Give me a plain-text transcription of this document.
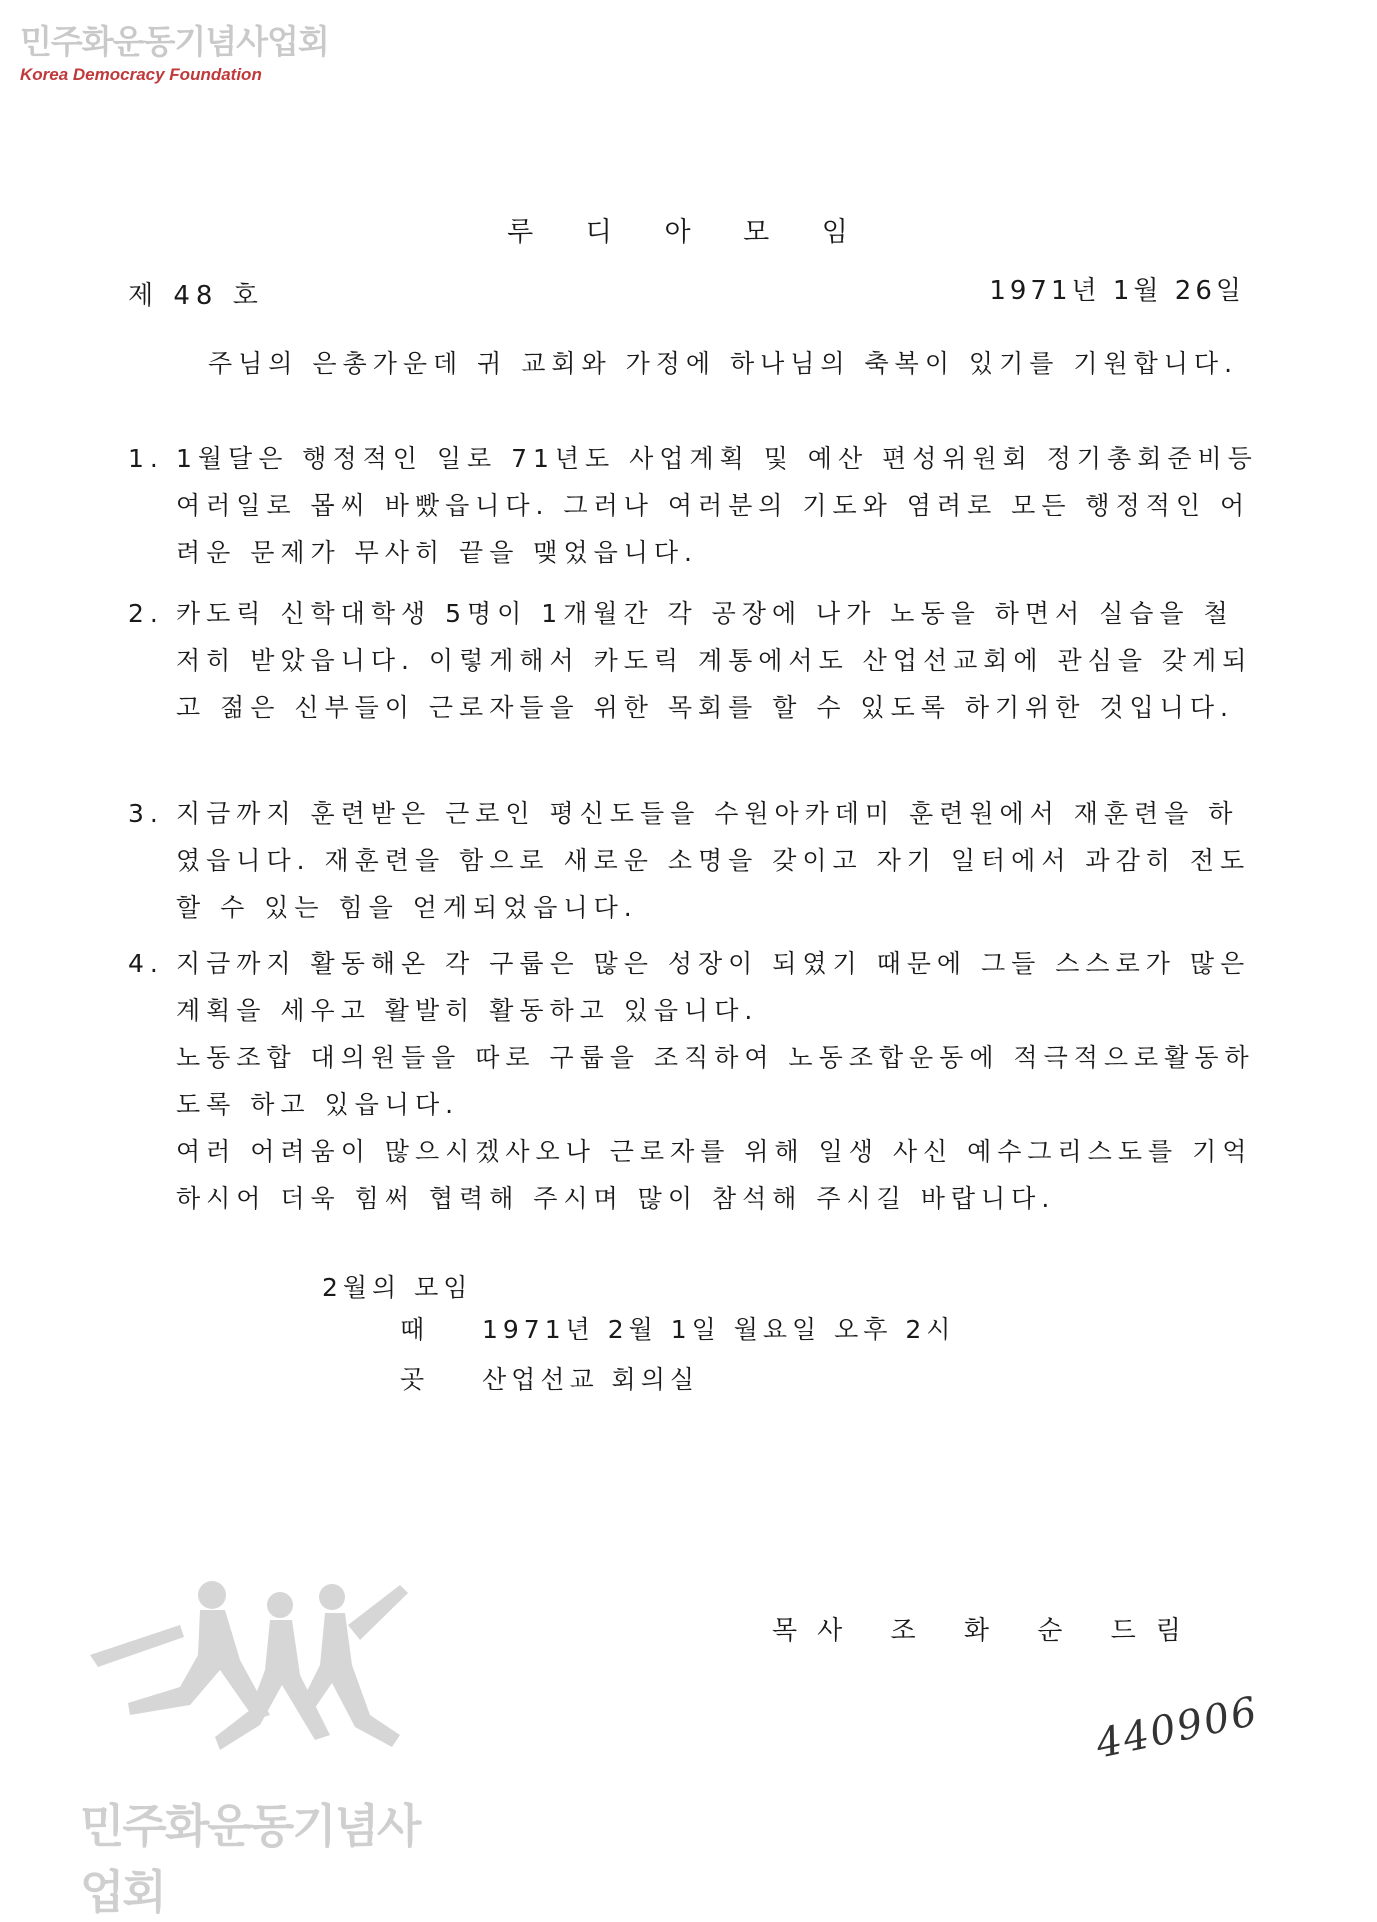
민주화운동기념사업회
Korea Democracy Foundation
루 디 아 모 임
제 48 호	1971년 1월 26일
주님의 은총가운데 귀 교회와 가정에 하나님의 축복이 있기를 기원합니다.
1. 1월달은 행정적인 일로 71년도 사업계획 및 예산 편성위원회 정기총회준비등 여러일로 몹씨 바빴읍니다. 그러나 여러분의 기도와 염려로 모든 행정적인 어려운 문제가 무사히 끝을 맺었읍니다.
2. 카도릭 신학대학생 5명이 1개월간 각 공장에 나가 노동을 하면서 실습을 철저히 받았읍니다. 이렇게해서 카도릭 계통에서도 산업선교회에 관심을 갖게되고 젊은 신부들이 근로자들을 위한 목회를 할 수 있도록 하기위한 것입니다.
3. 지금까지 훈련받은 근로인 평신도들을 수원아카데미 훈련원에서 재훈련을 하였읍니다. 재훈련을 함으로 새로운 소명을 갖이고 자기 일터에서 과감히 전도할 수 있는 힘을 얻게되었읍니다.
4. 지금까지 활동해온 각 구룹은 많은 성장이 되였기 때문에 그들 스스로가 많은 계획을 세우고 활발히 활동하고 있읍니다.
노동조합 대의원들을 따로 구룹을 조직하여 노동조합운동에 적극적으로활동하도록 하고 있읍니다.
여러 어려움이 많으시겠사오나 근로자를 위해 일생 사신 예수그리스도를 기억하시어 더욱 힘써 협력해 주시며 많이 참석해 주시길 바랍니다.
2월의 모임
때 1971년 2월 1일 월요일 오후 2시
곳 산업선교 회의실
목사 조 화 순 드림
민주화운동기념사업회
440906
